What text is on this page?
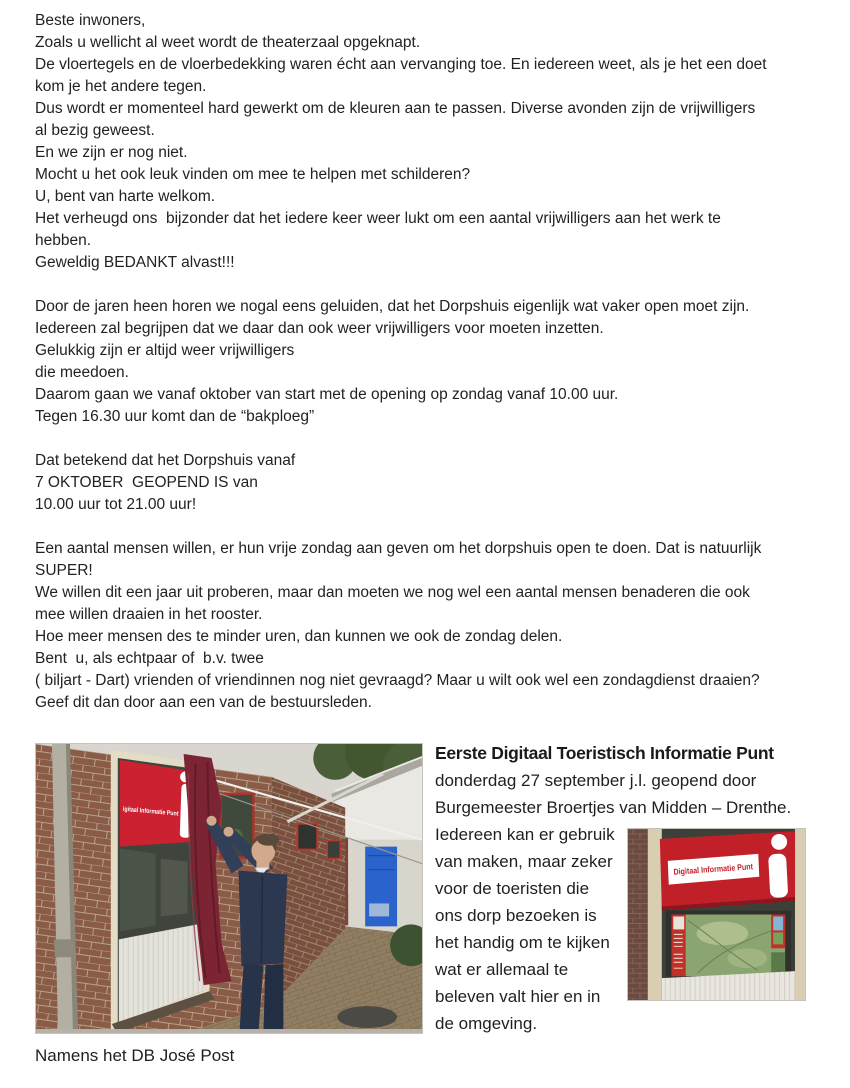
Beste inwoners,
Zoals u wellicht al weet wordt de theaterzaal opgeknapt.
De vloertegels en de vloerbedekking waren écht aan vervanging toe. En iedereen weet, als je het een doet
kom je het andere tegen.
Dus wordt er momenteel hard gewerkt om de kleuren aan te passen. Diverse avonden zijn de vrijwilligers
al bezig geweest.
En we zijn er nog niet.
Mocht u het ook leuk vinden om mee te helpen met schilderen?
U, bent van harte welkom.
Het verheugd ons  bijzonder dat het iedere keer weer lukt om een aantal vrijwilligers aan het werk te
hebben.
Geweldig BEDANKT alvast!!!
Door de jaren heen horen we nogal eens geluiden, dat het Dorpshuis eigenlijk wat vaker open moet zijn.
Iedereen zal begrijpen dat we daar dan ook weer vrijwilligers voor moeten inzetten.
Gelukkig zijn er altijd weer vrijwilligers
die meedoen.
Daarom gaan we vanaf oktober van start met de opening op zondag vanaf 10.00 uur.
Tegen 16.30 uur komt dan de “bakploeg”
Dat betekend dat het Dorpshuis vanaf
7 OKTOBER  GEOPEND IS van
10.00 uur tot 21.00 uur!
Een aantal mensen willen, er hun vrije zondag aan geven om het dorpshuis open te doen. Dat is natuurlijk
SUPER!
We willen dit een jaar uit proberen, maar dan moeten we nog wel een aantal mensen benaderen die ook
mee willen draaien in het rooster.
Hoe meer mensen des te minder uren, dan kunnen we ook de zondag delen.
Bent  u, als echtpaar of  b.v. twee
( biljart - Dart) vrienden of vriendinnen nog niet gevraagd? Maar u wilt ook wel een zondagdienst draaien?
Geef dit dan door aan een van de bestuursleden.
igitaal Informatie Punt
Eerste Digitaal Toeristisch Informatie Punt
donderdag 27 september j.l. geopend door
Burgemeester Broertjes van Midden – Drenthe.
Iedereen kan er gebruik
van maken, maar zeker
voor de toeristen die
ons dorp bezoeken is
het handig om te kijken
wat er allemaal te
beleven valt hier en in
de omgeving.
Digitaal Informatie Punt
Namens het DB José Post
